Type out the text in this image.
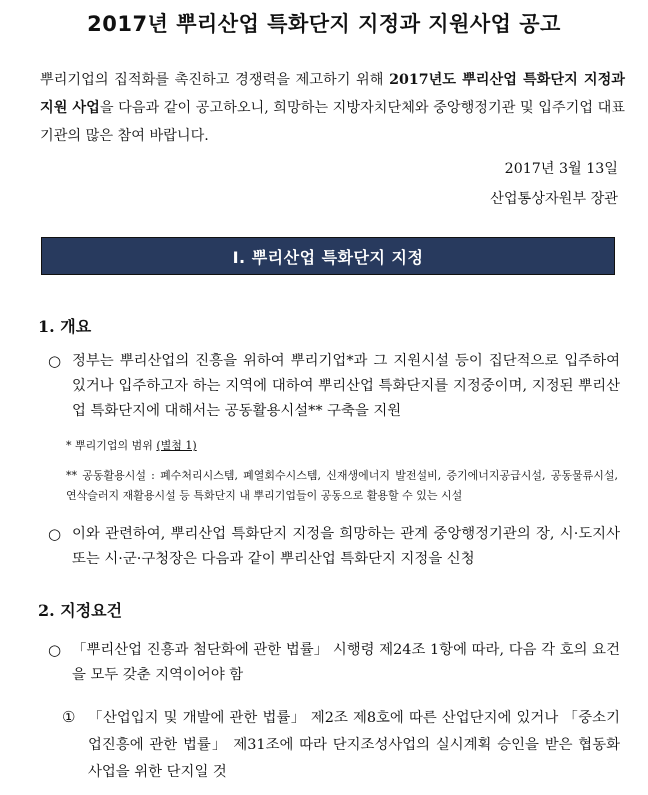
2017년 뿌리산업 특화단지 지정과 지원사업 공고
뿌리기업의 집적화를 촉진하고 경쟁력을 제고하기 위해 2017년도 뿌리산업 특화단지 지정과 지원 사업을 다음과 같이 공고하오니, 희망하는 지방자치단체와 중앙행정기관 및 입주기업 대표기관의 많은 참여 바랍니다.
2017년 3월 13일
산업통상자원부 장관
Ⅰ. 뿌리산업 특화단지 지정
1. 개요
○ 정부는 뿌리산업의 진흥을 위하여 뿌리기업*과 그 지원시설 등이 집단적으로 입주하여 있거나 입주하고자 하는 지역에 대하여 뿌리산업 특화단지를 지정중이며, 지정된 뿌리산업 특화단지에 대해서는 공동활용시설** 구축을 지원
* 뿌리기업의 범위 (별첨 1)
** 공동활용시설 : 폐수처리시스템, 폐열회수시스템, 신재생에너지 발전설비, 증기에너지공급시설, 공동물류시설, 연삭슬러지 재활용시설 등 특화단지 내 뿌리기업들이 공동으로 활용할 수 있는 시설
○ 이와 관련하여, 뿌리산업 특화단지 지정을 희망하는 관계 중앙행정기관의 장, 시·도지사 또는 시·군·구청장은 다음과 같이 뿌리산업 특화단지 지정을 신청
2. 지정요건
○ 「뿌리산업 진흥과 첨단화에 관한 법률」 시행령 제24조 1항에 따라, 다음 각 호의 요건을 모두 갖춘 지역이어야 함
① 「산업입지 및 개발에 관한 법률」 제2조 제8호에 따른 산업단지에 있거나 「중소기업진흥에 관한 법률」 제31조에 따라 단지조성사업의 실시계획 승인을 받은 협동화사업을 위한 단지일 것
